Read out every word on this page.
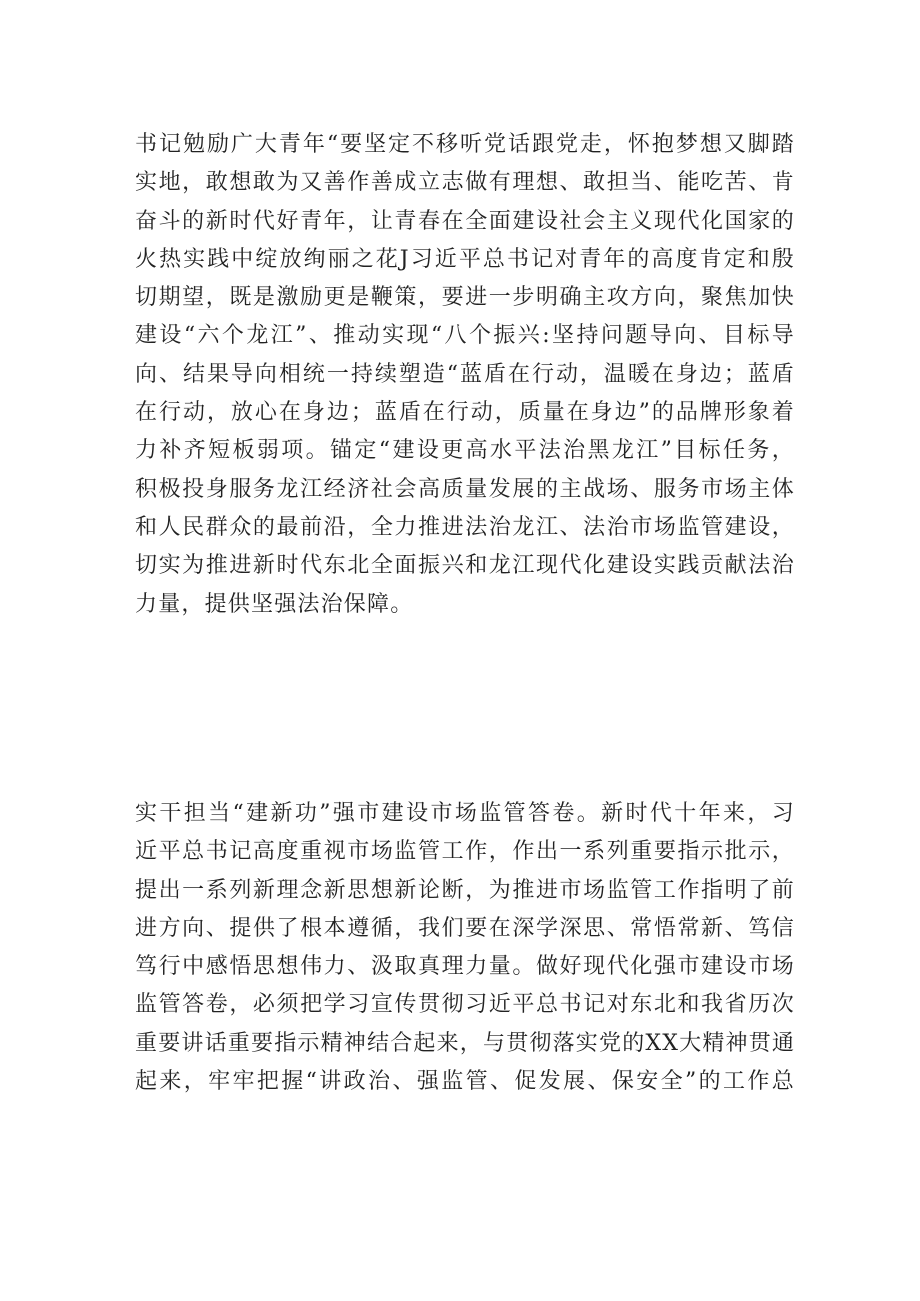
书记勉励广大青年“要坚定不移听党话跟党走，怀抱梦想又脚踏
实地，敢想敢为又善作善成立志做有理想、敢担当、能吃苦、肯
奋斗的新时代好青年，让青春在全面建设社会主义现代化国家的
火热实践中绽放绚丽之花J习近平总书记对青年的高度肯定和殷
切期望，既是激励更是鞭策，要进一步明确主攻方向，聚焦加快
建设“六个龙江”、推动实现“八个振兴:坚持问题导向、目标导
向、结果导向相统一持续塑造“蓝盾在行动，温暖在身边；蓝盾
在行动，放心在身边；蓝盾在行动，质量在身边”的品牌形象着
力补齐短板弱项。锚定“建设更高水平法治黑龙江”目标任务，
积极投身服务龙江经济社会高质量发展的主战场、服务市场主体
和人民群众的最前沿，全力推进法治龙江、法治市场监管建设，
切实为推进新时代东北全面振兴和龙江现代化建设实践贡献法治
力量，提供坚强法治保障。

实干担当“建新功”强市建设市场监管答卷。新时代十年来，习
近平总书记高度重视市场监管工作，作出一系列重要指示批示，
提出一系列新理念新思想新论断，为推进市场监管工作指明了前
进方向、提供了根本遵循，我们要在深学深思、常悟常新、笃信
笃行中感悟思想伟力、汲取真理力量。做好现代化强市建设市场
监管答卷，必须把学习宣传贯彻习近平总书记对东北和我省历次
重要讲话重要指示精神结合起来，与贯彻落实党的XX大精神贯通
起来，牢牢把握“讲政治、强监管、促发展、保安全”的工作总
